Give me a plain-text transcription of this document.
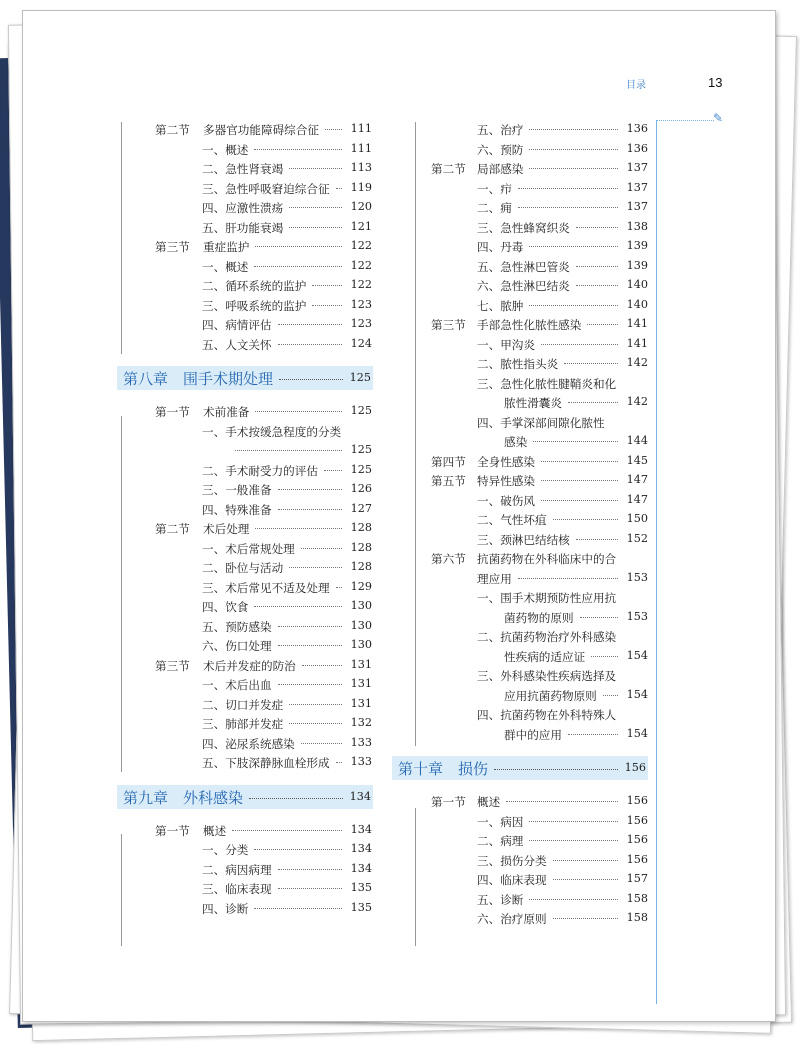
目录	13
✎
第二节 多器官功能障碍综合征	111
一、概述	111
二、急性肾衰竭	113
三、急性呼吸窘迫综合征	119
四、应激性溃疡	120
五、肝功能衰竭	121
第三节 重症监护	122
一、概述	122
二、循环系统的监护	122
三、呼吸系统的监护	123
四、病情评估	123
五、人文关怀	124
第八章　围手术期处理	125
第一节 术前准备	125
一、手术按缓急程度的分类
125
二、手术耐受力的评估	125
三、一般准备	126
四、特殊准备	127
第二节 术后处理	128
一、术后常规处理	128
二、卧位与活动	128
三、术后常见不适及处理	129
四、饮食	130
五、预防感染	130
六、伤口处理	130
第三节 术后并发症的防治	131
一、术后出血	131
二、切口并发症	131
三、肺部并发症	132
四、泌尿系统感染	133
五、下肢深静脉血栓形成	133
第九章　外科感染	134
第一节 概述	134
一、分类	134
二、病因病理	134
三、临床表现	135
四、诊断	135
五、治疗	136
六、预防	136
第二节 局部感染	137
一、疖	137
二、痈	137
三、急性蜂窝织炎	138
四、丹毒	139
五、急性淋巴管炎	139
六、急性淋巴结炎	140
七、脓肿	140
第三节 手部急性化脓性感染	141
一、甲沟炎	141
二、脓性指头炎	142
三、急性化脓性腱鞘炎和化
脓性滑囊炎	142
四、手掌深部间隙化脓性
感染	144
第四节 全身性感染	145
第五节 特异性感染	147
一、破伤风	147
二、气性坏疽	150
三、颈淋巴结结核	152
第六节 抗菌药物在外科临床中的合
理应用	153
一、围手术期预防性应用抗
菌药物的原则	153
二、抗菌药物治疗外科感染
性疾病的适应证	154
三、外科感染性疾病选择及
应用抗菌药物原则	154
四、抗菌药物在外科特殊人
群中的应用	154
第十章　损伤	156
第一节 概述	156
一、病因	156
二、病理	156
三、损伤分类	156
四、临床表现	157
五、诊断	158
六、治疗原则	158
